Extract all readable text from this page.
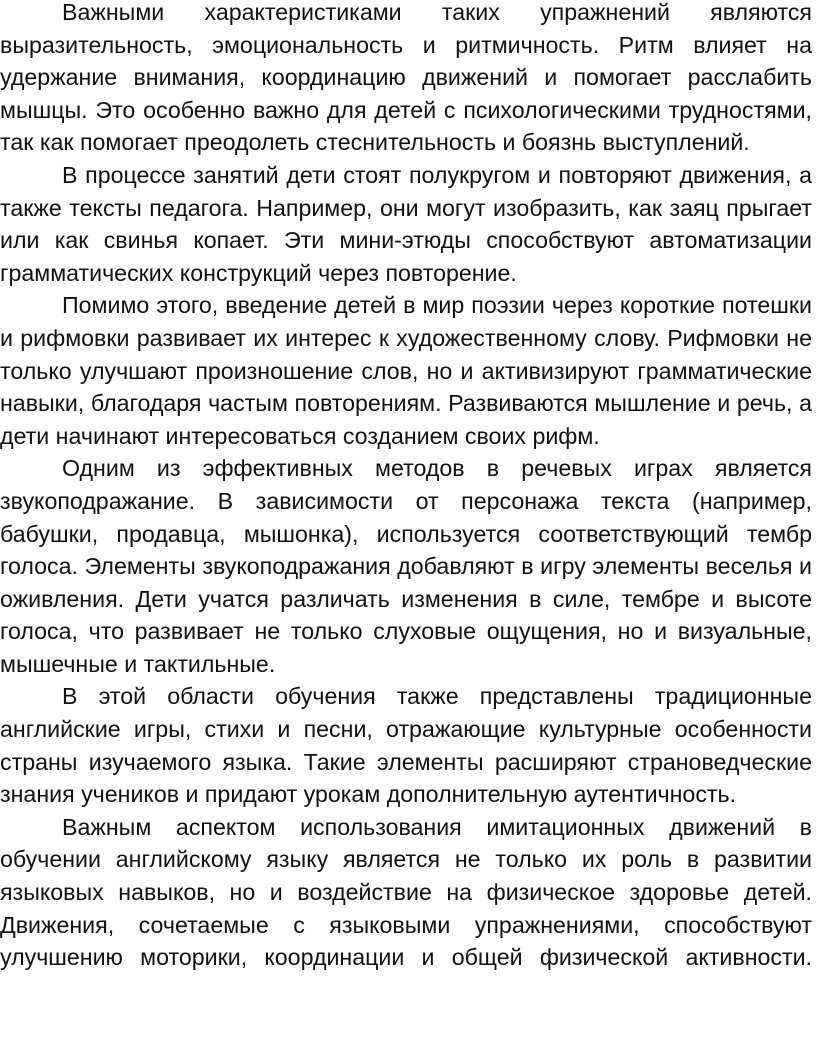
Важными характеристиками таких упражнений являются выразительность, эмоциональность и ритмичность. Ритм влияет на удержание внимания, координацию движений и помогает расслабить мышцы. Это особенно важно для детей с психологическими трудностями, так как помогает преодолеть стеснительность и боязнь выступлений.

В процессе занятий дети стоят полукругом и повторяют движения, а также тексты педагога. Например, они могут изобразить, как заяц прыгает или как свинья копает. Эти мини-этюды способствуют автоматизации грамматических конструкций через повторение.

Помимо этого, введение детей в мир поэзии через короткие потешки и рифмовки развивает их интерес к художественному слову. Рифмовки не только улучшают произношение слов, но и активизируют грамматические навыки, благодаря частым повторениям. Развиваются мышление и речь, а дети начинают интересоваться созданием своих рифм.

Одним из эффективных методов в речевых играх является звукоподражание. В зависимости от персонажа текста (например, бабушки, продавца, мышонка), используется соответствующий тембр голоса. Элементы звукоподражания добавляют в игру элементы веселья и оживления. Дети учатся различать изменения в силе, тембре и высоте голоса, что развивает не только слуховые ощущения, но и визуальные, мышечные и тактильные.

В этой области обучения также представлены традиционные английские игры, стихи и песни, отражающие культурные особенности страны изучаемого языка. Такие элементы расширяют страноведческие знания учеников и придают урокам дополнительную аутентичность.

Важным аспектом использования имитационных движений в обучении английскому языку является не только их роль в развитии языковых навыков, но и воздействие на физическое здоровье детей. Движения, сочетаемые с языковыми упражнениями, способствуют улучшению моторики, координации и общей физической активности.
